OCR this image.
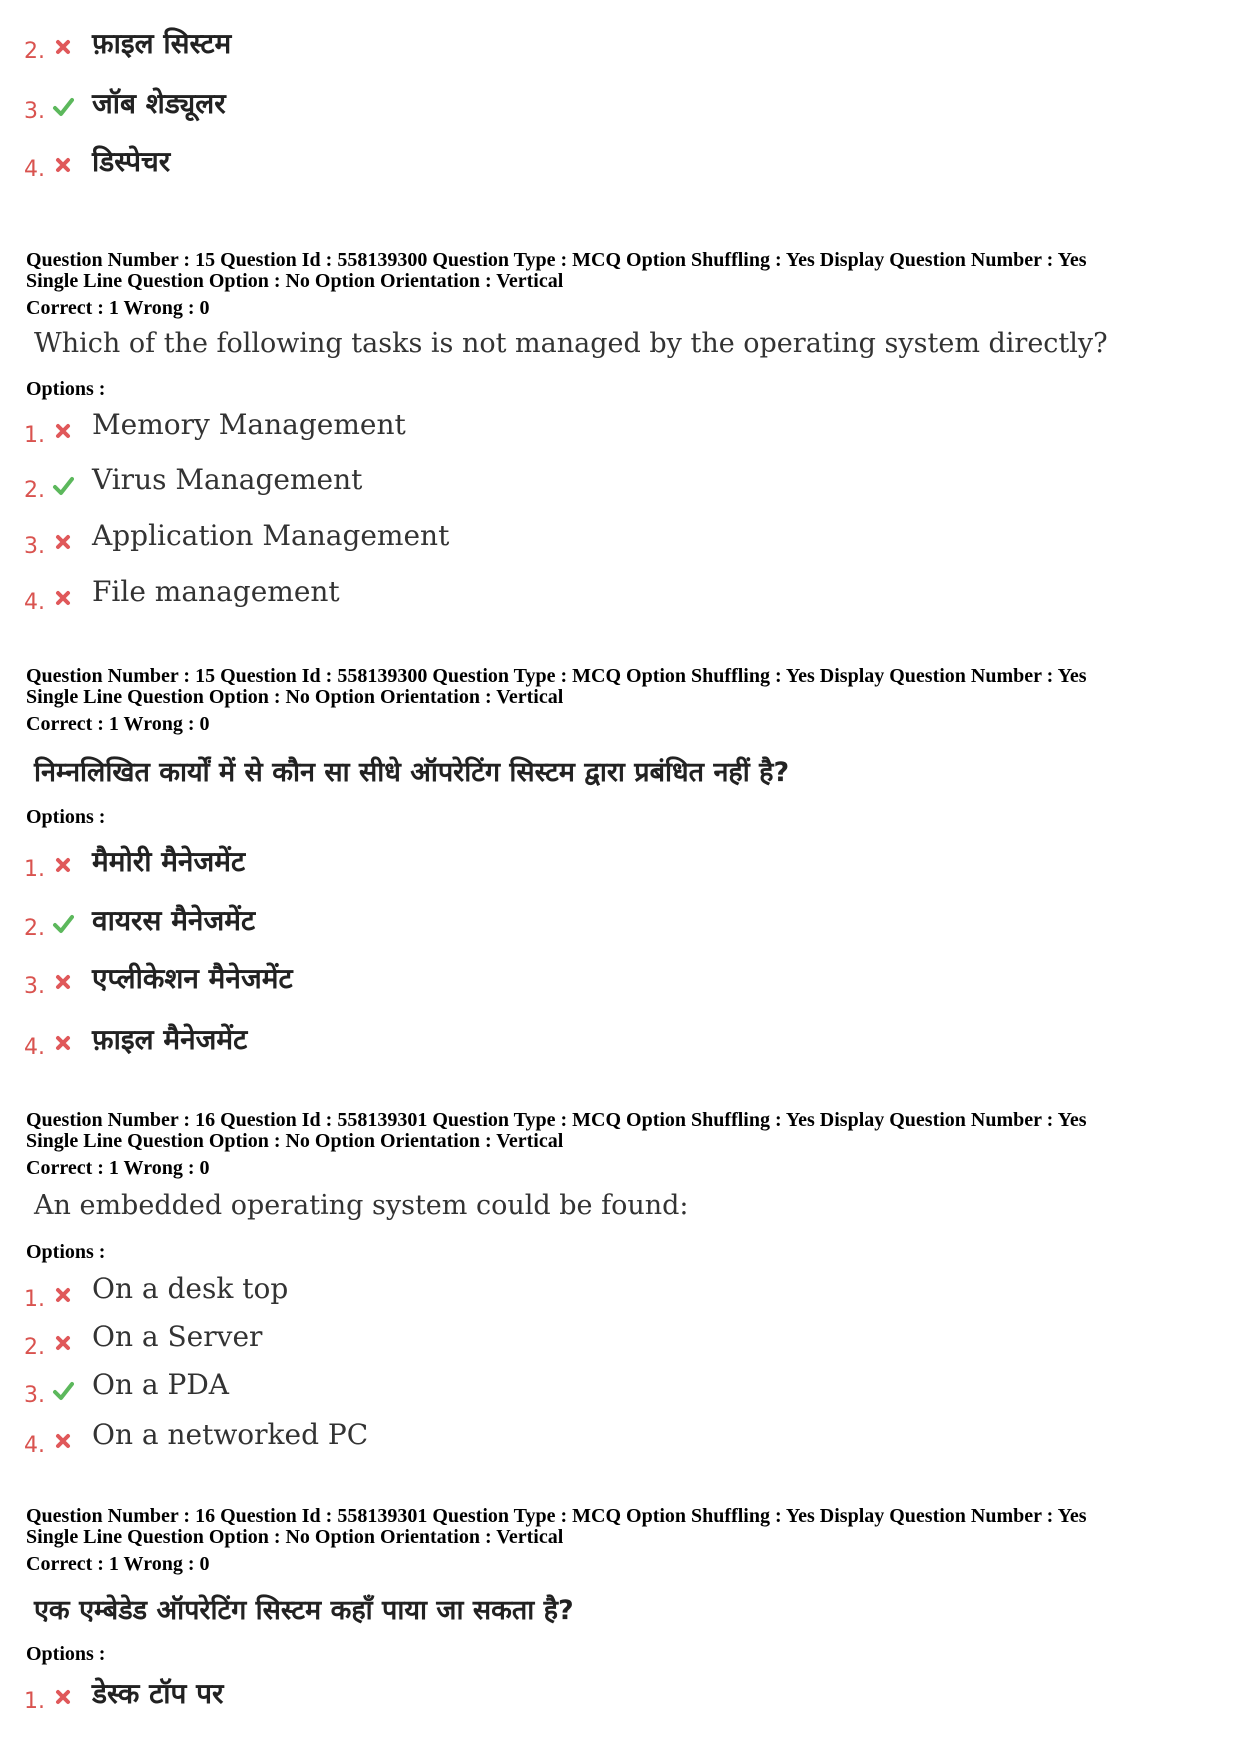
2. फ़ाइल सिस्टम
3. जॉब शेड्यूलर
4. डिस्पेचर
Question Number : 15 Question Id : 558139300 Question Type : MCQ Option Shuffling : Yes Display Question Number : Yes
Single Line Question Option : No Option Orientation : Vertical
Correct : 1 Wrong : 0
Which of the following tasks is not managed by the operating system directly?
Options :
1. Memory Management
2. Virus Management
3. Application Management
4. File management
Question Number : 15 Question Id : 558139300 Question Type : MCQ Option Shuffling : Yes Display Question Number : Yes
Single Line Question Option : No Option Orientation : Vertical
Correct : 1 Wrong : 0
निम्नलिखित कार्यों में से कौन सा सीधे ऑपरेटिंग सिस्टम द्वारा प्रबंधित नहीं है?
Options :
1. मैमोरी मैनेजमेंट
2. वायरस मैनेजमेंट
3. एप्लीकेशन मैनेजमेंट
4. फ़ाइल मैनेजमेंट
Question Number : 16 Question Id : 558139301 Question Type : MCQ Option Shuffling : Yes Display Question Number : Yes
Single Line Question Option : No Option Orientation : Vertical
Correct : 1 Wrong : 0
An embedded operating system could be found:
Options :
1. On a desk top
2. On a Server
3. On a PDA
4. On a networked PC
Question Number : 16 Question Id : 558139301 Question Type : MCQ Option Shuffling : Yes Display Question Number : Yes
Single Line Question Option : No Option Orientation : Vertical
Correct : 1 Wrong : 0
एक एम्बेडेड ऑपरेटिंग सिस्टम कहाँ पाया जा सकता है?
Options :
1. डेस्क टॉप पर
